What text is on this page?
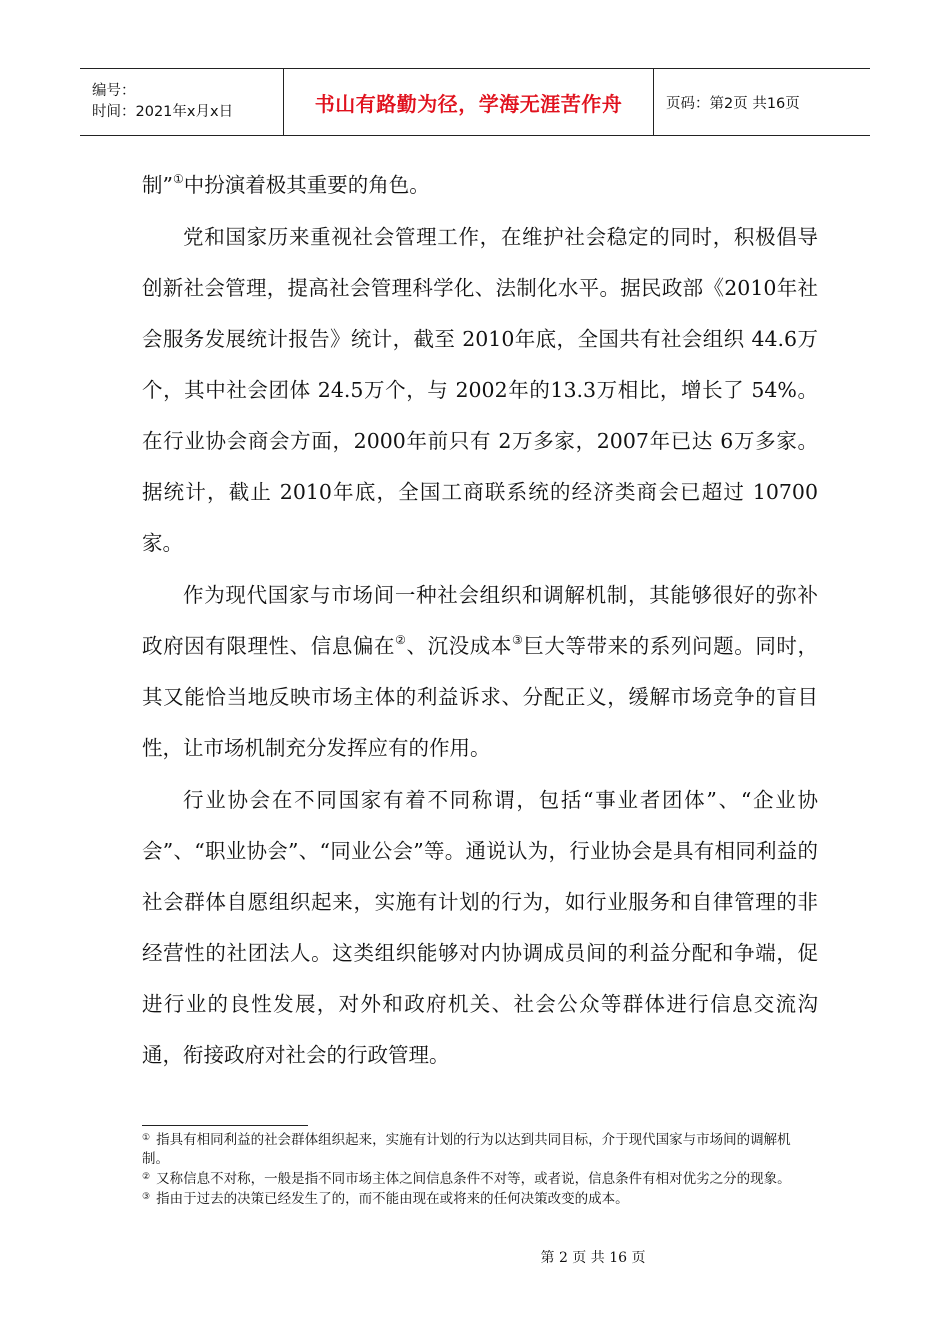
编号：
时间：2021年x月x日	书山有路勤为径，学海无涯苦作舟	页码：第2页 共16页

制”①中扮演着极其重要的角色。

党和国家历来重视社会管理工作，在维护社会稳定的同时，积极倡导创新社会管理，提高社会管理科学化、法制化水平。据民政部《2010年社会服务发展统计报告》统计，截至 2010年底，全国共有社会组织 44.6万个，其中社会团体 24.5万个，与 2002年的13.3万相比，增长了 54%。在行业协会商会方面，2000年前只有 2万多家，2007年已达 6万多家。据统计，截止 2010年底，全国工商联系统的经济类商会已超过 10700家。

作为现代国家与市场间一种社会组织和调解机制，其能够很好的弥补政府因有限理性、信息偏在②、沉没成本③巨大等带来的系列问题。同时，其又能恰当地反映市场主体的利益诉求、分配正义，缓解市场竞争的盲目性，让市场机制充分发挥应有的作用。

行业协会在不同国家有着不同称谓，包括“事业者团体”、“企业协会”、“职业协会”、“同业公会”等。通说认为，行业协会是具有相同利益的社会群体自愿组织起来，实施有计划的行为，如行业服务和自律管理的非经营性的社团法人。这类组织能够对内协调成员间的利益分配和争端，促进行业的良性发展，对外和政府机关、社会公众等群体进行信息交流沟通，衔接政府对社会的行政管理。

① 指具有相同利益的社会群体组织起来，实施有计划的行为以达到共同目标，介于现代国家与市场间的调解机制。
② 又称信息不对称，一般是指不同市场主体之间信息条件不对等，或者说，信息条件有相对优劣之分的现象。
③ 指由于过去的决策已经发生了的，而不能由现在或将来的任何决策改变的成本。
第 2 页 共 16 页
